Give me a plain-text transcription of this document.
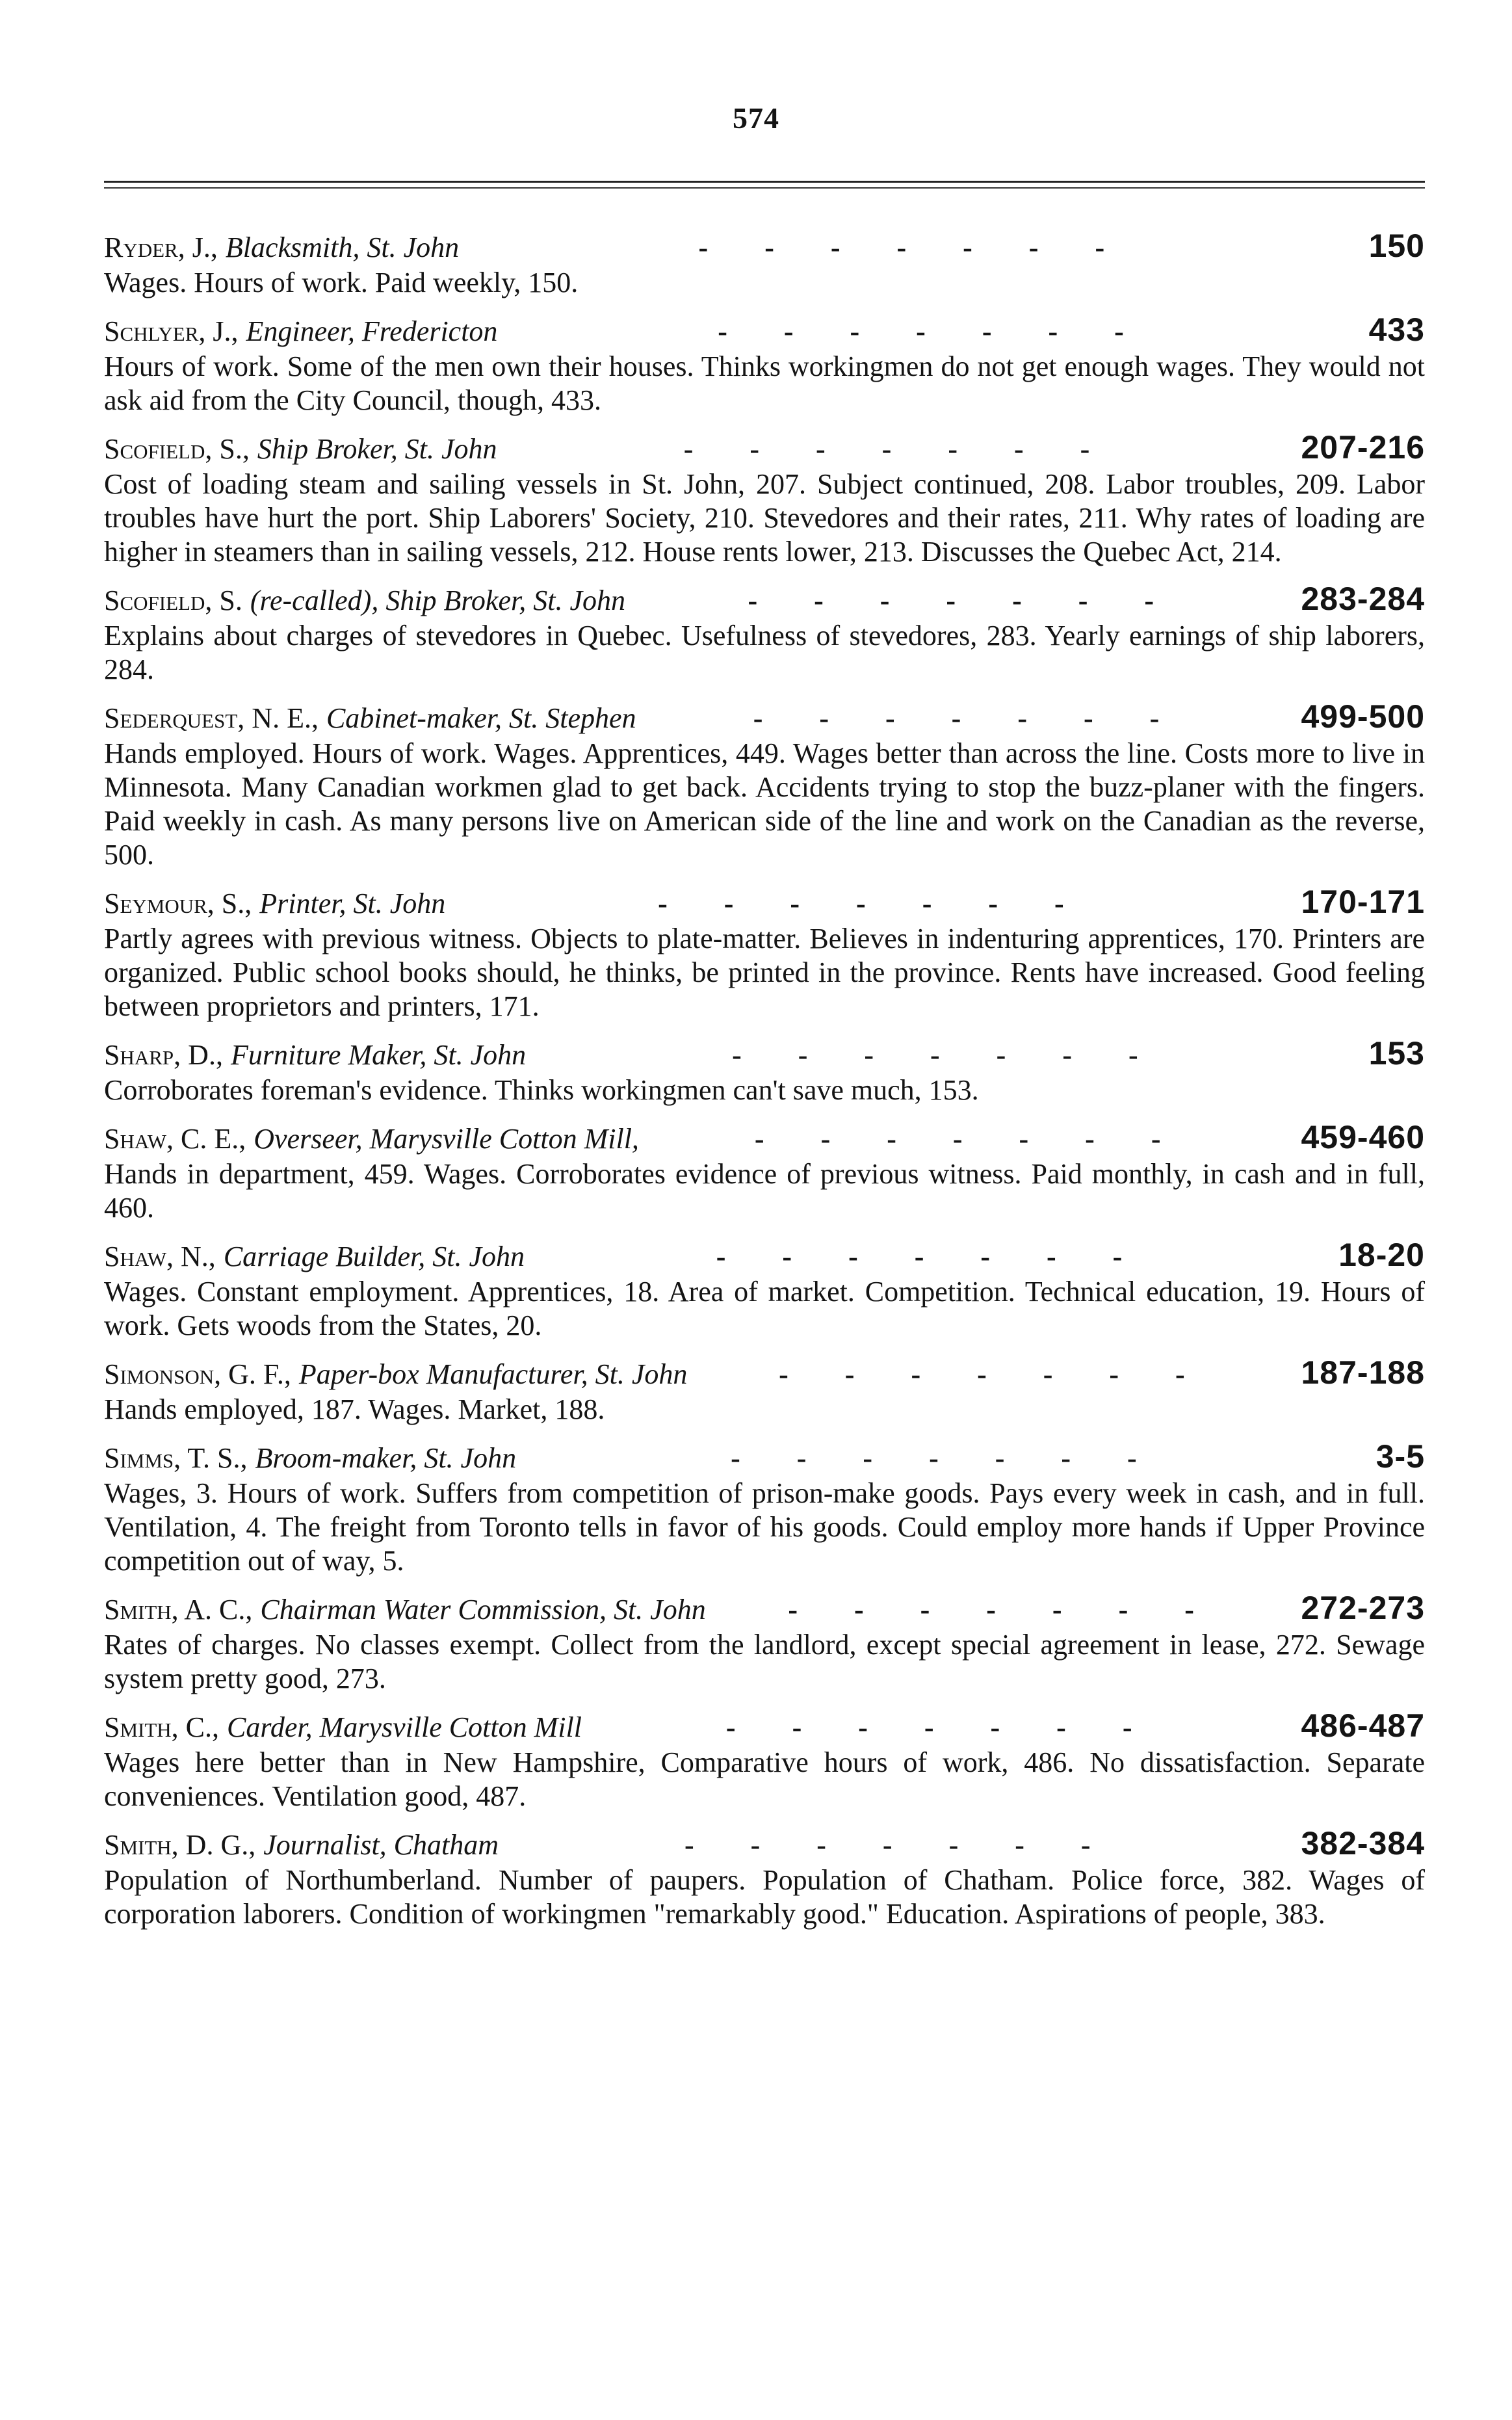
574
Ryder, J., Blacksmith, St. John	- - - - - - -	150

Wages. Hours of work. Paid weekly, 150.

Schlyer, J., Engineer, Fredericton	- - - - - - -	433

Hours of work. Some of the men own their houses. Thinks workingmen do not get enough wages. They would not ask aid from the City Council, though, 433.

Scofield, S., Ship Broker, St. John	- - - - - - -	207-216

Cost of loading steam and sailing vessels in St. John, 207. Subject continued, 208. Labor troubles, 209. Labor troubles have hurt the port. Ship Laborers' Society, 210. Stevedores and their rates, 211. Why rates of loading are higher in steamers than in sailing vessels, 212. House rents lower, 213. Discusses the Quebec Act, 214.

Scofield, S. (re-called), Ship Broker, St. John	- - - - - - -	283-284

Explains about charges of stevedores in Quebec. Usefulness of stevedores, 283. Yearly earnings of ship laborers, 284.

Sederquest, N. E., Cabinet-maker, St. Stephen	- - - - - - -	499-500

Hands employed. Hours of work. Wages. Apprentices, 449. Wages better than across the line. Costs more to live in Minnesota. Many Canadian workmen glad to get back. Accidents trying to stop the buzz-planer with the fingers. Paid weekly in cash. As many persons live on American side of the line and work on the Canadian as the reverse, 500.

Seymour, S., Printer, St. John	- - - - - - -	170-171

Partly agrees with previous witness. Objects to plate-matter. Believes in indenturing apprentices, 170. Printers are organized. Public school books should, he thinks, be printed in the province. Rents have increased. Good feeling between proprietors and printers, 171.

Sharp, D., Furniture Maker, St. John	- - - - - - -	153

Corroborates foreman's evidence. Thinks workingmen can't save much, 153.

Shaw, C. E., Overseer, Marysville Cotton Mill,	- - - - - - -	459-460

Hands in department, 459. Wages. Corroborates evidence of previous witness. Paid monthly, in cash and in full, 460.

Shaw, N., Carriage Builder, St. John	- - - - - - -	18-20

Wages. Constant employment. Apprentices, 18. Area of market. Competition. Technical education, 19. Hours of work. Gets woods from the States, 20.

Simonson, G. F., Paper-box Manufacturer, St. John	- - - - - - -	187-188

Hands employed, 187. Wages. Market, 188.

Simms, T. S., Broom-maker, St. John	- - - - - - -	3-5

Wages, 3. Hours of work. Suffers from competition of prison-make goods. Pays every week in cash, and in full. Ventilation, 4. The freight from Toronto tells in favor of his goods. Could employ more hands if Upper Province competition out of way, 5.

Smith, A. C., Chairman Water Commission, St. John	- - - - - - -	272-273

Rates of charges. No classes exempt. Collect from the landlord, except special agreement in lease, 272. Sewage system pretty good, 273.

Smith, C., Carder, Marysville Cotton Mill	- - - - - - -	486-487

Wages here better than in New Hampshire, Comparative hours of work, 486. No dissatisfaction. Separate conveniences. Ventilation good, 487.

Smith, D. G., Journalist, Chatham	- - - - - - -	382-384

Population of Northumberland. Number of paupers. Population of Chatham. Police force, 382. Wages of corporation laborers. Condition of workingmen "remarkably good." Education. Aspirations of people, 383.
